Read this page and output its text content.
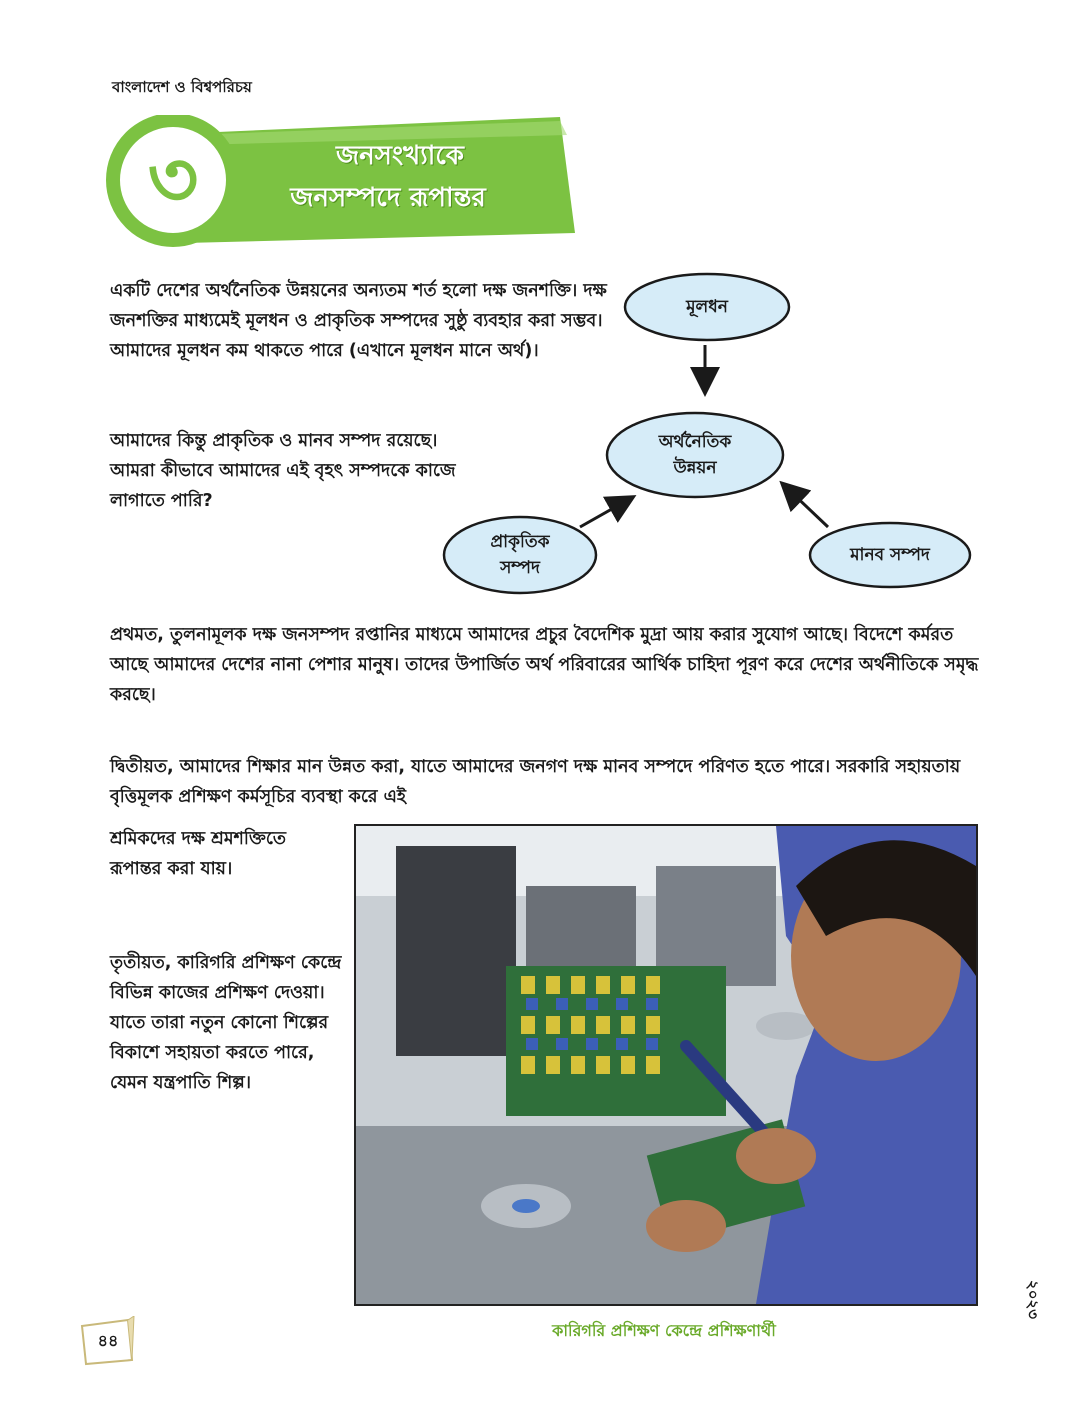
বাংলাদেশ ও বিশ্বপরিচয়
৩	জনসংখ্যাকে
জনসম্পদে রূপান্তর

একটি দেশের অর্থনৈতিক উন্নয়নের অন্যতম শর্ত হলো দক্ষ জনশক্তি। দক্ষ জনশক্তির মাধ্যমেই মূলধন ও প্রাকৃতিক সম্পদের সুষ্ঠু ব্যবহার করা সম্ভব। আমাদের মূলধন কম থাকতে পারে (এখানে মূলধন মানে অর্থ)।

আমাদের কিন্তু প্রাকৃতিক ও মানব সম্পদ রয়েছে। আমরা কীভাবে আমাদের এই বৃহৎ সম্পদকে কাজে লাগাতে পারি?

মূলধন
অর্থনৈতিক
উন্নয়ন
প্রাকৃতিক
সম্পদ
মানব সম্পদ

প্রথমত, তুলনামূলক দক্ষ জনসম্পদ রপ্তানির মাধ্যমে আমাদের প্রচুর বৈদেশিক মুদ্রা আয় করার সুযোগ আছে। বিদেশে কর্মরত আছে আমাদের দেশের নানা পেশার মানুষ। তাদের উপার্জিত অর্থ পরিবারের আর্থিক চাহিদা পূরণ করে দেশের অর্থনীতিকে সমৃদ্ধ করছে।

দ্বিতীয়ত, আমাদের শিক্ষার মান উন্নত করা, যাতে আমাদের জনগণ দক্ষ মানব সম্পদে পরিণত হতে পারে। সরকারি সহায়তায় বৃত্তিমূলক প্রশিক্ষণ কর্মসূচির ব্যবস্থা করে এই

শ্রমিকদের দক্ষ শ্রমশক্তিতে রূপান্তর করা যায়।

তৃতীয়ত, কারিগরি প্রশিক্ষণ কেন্দ্রে বিভিন্ন কাজের প্রশিক্ষণ দেওয়া। যাতে তারা নতুন কোনো শিল্পের বিকাশে সহায়তা করতে পারে, যেমন যন্ত্রপাতি শিল্প।

কারিগরি প্রশিক্ষণ কেন্দ্রে প্রশিক্ষণার্থী
৪৪
২০২৩
